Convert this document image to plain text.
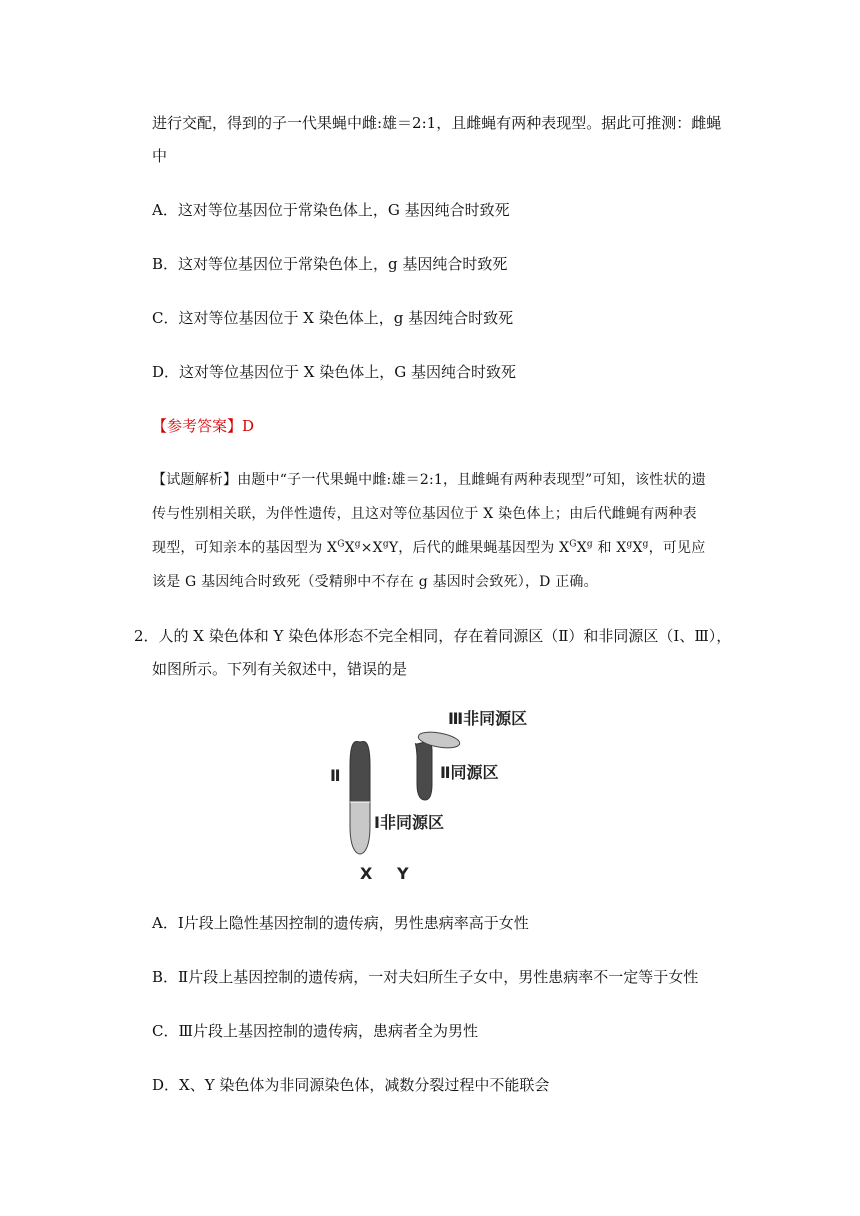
进行交配，得到的子一代果蝇中雌:雄＝2:1，且雌蝇有两种表现型。据此可推测：雌蝇
中
A．这对等位基因位于常染色体上，G 基因纯合时致死
B．这对等位基因位于常染色体上，g 基因纯合时致死
C．这对等位基因位于 X 染色体上，g 基因纯合时致死
D．这对等位基因位于 X 染色体上，G 基因纯合时致死
【参考答案】D
【试题解析】由题中“子一代果蝇中雌:雄＝2:1，且雌蝇有两种表现型”可知，该性状的遗
传与性别相关联，为伴性遗传，且这对等位基因位于 X 染色体上；由后代雌蝇有两种表
现型，可知亲本的基因型为 $X^GX^g\times X^gY$，后代的雌果蝇基因型为 $X^GX^g$ 和 $X^gX^g$，可见应
该是 G 基因纯合时致死（受精卵中不存在 g 基因时会致死），D 正确。
2．人的 X 染色体和 Y 染色体形态不完全相同，存在着同源区（Ⅱ）和非同源区（Ⅰ、Ⅲ），
如图所示。下列有关叙述中，错误的是
Ⅲ非同源区
Ⅱ	Ⅱ同源区
Ⅰ非同源区
X Y
A．Ⅰ片段上隐性基因控制的遗传病，男性患病率高于女性
B．Ⅱ片段上基因控制的遗传病，一对夫妇所生子女中，男性患病率不一定等于女性
C．Ⅲ片段上基因控制的遗传病，患病者全为男性
D．X、Y 染色体为非同源染色体，减数分裂过程中不能联会
